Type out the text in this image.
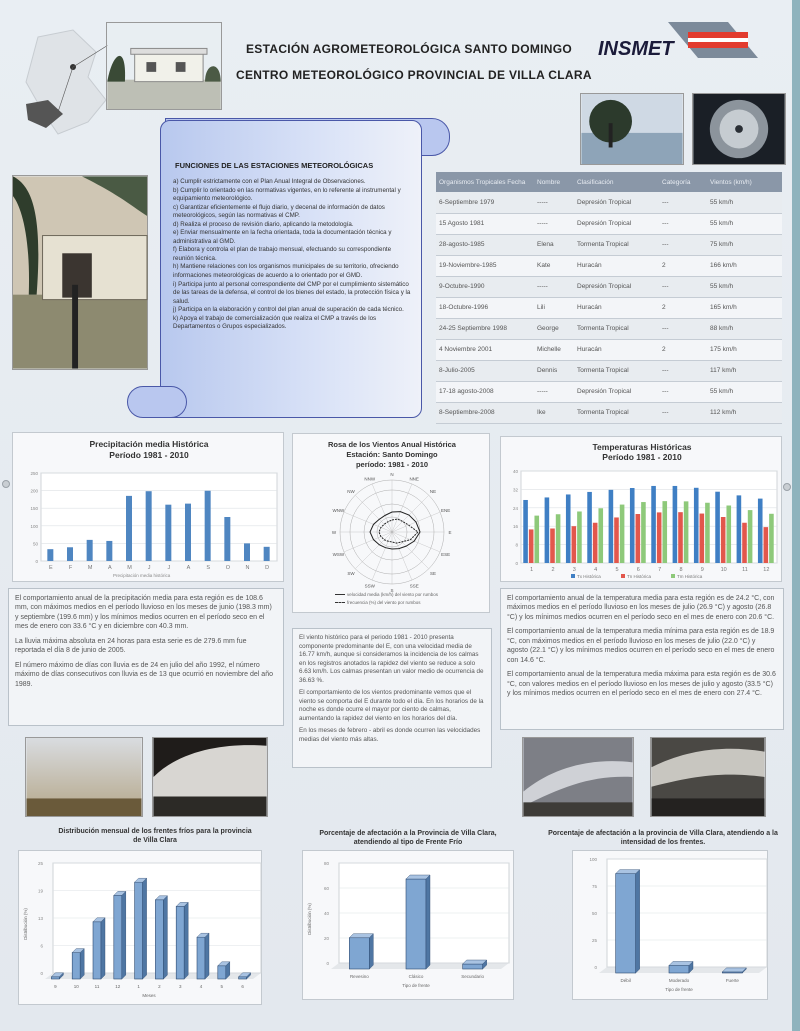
ESTACIÓN AGROMETEOROLÓGICA SANTO DOMINGO
CENTRO METEOROLÓGICO PROVINCIAL DE VILLA CLARA
INSMET
FUNCIONES DE LAS ESTACIONES METEOROLÓGICAS
a) Cumplir estrictamente con el Plan Anual Integral de Observaciones.
b) Cumplir lo orientado en las normativas vigentes, en lo referente al instrumental y equipamiento meteorológico.
c) Garantizar eficientemente el flujo diario, y decenal de información de datos meteorológicos, según las normativas el CMP.
d) Realiza el proceso de revisión diario, aplicando la metodología.
e) Enviar mensualmente en la fecha orientada, toda la documentación técnica y administrativa al GMD.
f) Elabora y controla el plan de trabajo mensual, efectuando su correspondiente reunión técnica.
h) Mantiene relaciones con los organismos municipales de su territorio, ofreciendo informaciones meteorológicas de acuerdo a lo orientado por el GMD.
i) Participa junto al personal correspondiente del CMP por el cumplimiento sistemático de las tareas de la defensa, el control de los bienes del estado, la protección física y la salud.
j) Participa en la elaboración y control del plan anual de superación de cada técnico.
k) Apoya el trabajo de comercialización que realiza el CMP a través de los Departamentos o Grupos especializados.
Organismos Tropicales Fecha	Nombre	Clasificación	Categoría	Vientos (km/h)
6-Septiembre 1979	-----	Depresión Tropical	---	55 km/h
15 Agosto 1981	-----	Depresión Tropical	---	55 km/h
28-agosto-1985	Elena	Tormenta Tropical	---	75 km/h
19-Noviembre-1985	Kate	Huracán	2	166 km/h
9-Octubre-1990	-----	Depresión Tropical	---	55 km/h
18-Octubre-1996	Lili	Huracán	2	165 km/h
24-25 Septiembre 1998	George	Tormenta Tropical	---	88 km/h
4 Noviembre 2001	Michelle	Huracán	2	175 km/h
8-Julio-2005	Dennis	Tormenta Tropical	---	117 km/h
17-18 agosto-2008	-----	Depresión Tropical	---	55 km/h
8-Septiembre-2008	Ike	Tormenta Tropical	---	112 km/h
Precipitación media Histórica
Período 1981 - 2010
E	F	M	A	M	J	J	A	S	O	N	D
0
50
100
150
200
250
Precipitación media histórica

El comportamiento anual de la precipitación media para esta región es de 108.6 mm, con máximos medios en el período lluvioso en los meses de junio (198.3 mm) y septiembre (199.6 mm) y los mínimos medios ocurren en el período seco en el mes de enero con 33.6 °C y en diciembre con 40.3 mm.

La lluvia máxima absoluta en 24 horas para esta serie es de 279.6 mm fue reportada el día 8 de junio de 2005.

El número máximo de días con lluvia es de 24 en julio del año 1992, el número máximo de días consecutivos con lluvia es de 13 que ocurrió en noviembre del año 1989.

Rosa de los Vientos Anual Histórica
Estación: Santo Domingo
período: 1981 - 2010
N
NNE
NE
ENE
E
ESE
SE
SSE
S
SSW
SW
WSW
W
WNW
NW
NNW
velocidad media (km/h) del viento por rumbos
frecuencia (%) del viento por rumbos

El viento histórico para el periodo 1981 - 2010 presenta componente predominante del E, con una velocidad media de 16.77 km/h, aunque si consideramos la incidencia de los calmas en los registros anotados la rapidez del viento se reduce a solo 6.63 km/h. Los calmas presentan un valor medio de ocurrencia de 36.63 %.

El comportamiento de los vientos predominante vemos que el viento se comporta del E durante todo el día. En los horarios de la noche es donde ocurre el mayor por ciento de calmas, aumentando la rapidez del viento en los horarios del día.

En los meses de febrero - abril es donde ocurren las velocidades medias del viento más altas.

Temperaturas Históricas
Período 1981 - 2010
1	2	3	4	5	6	7	8	9	10	11	12
0
8
16
24
32
40
Tx Histórica	Tn Histórica	Tm Histórica

El comportamiento anual de la temperatura media para esta región es de 24.2 °C, con máximos medios en el período lluvioso en los meses de julio (26.9 °C) y agosto (26.8 °C) y los mínimos medios ocurren en el período seco en el mes de enero con 20.6 °C.

El comportamiento anual de la temperatura media mínima para esta región es de 18.9 °C, con máximos medios en el período lluvioso en los meses de julio (22.0 °C) y agosto (22.1 °C) y los mínimos medios ocurren en el período seco en el mes de enero con 14.6 °C.

El comportamiento anual de la temperatura media máxima para esta región es de 30.6 °C, con valores medios en el período lluvioso en los meses de julio y agosto (33.5 °C) y los mínimos medios ocurren en el período seco en el mes de enero con 27.4 °C.

Distribución mensual de los frentes fríos para la provincia de Villa Clara
Porcentaje de afectación a la Provincia de Villa Clara, atendiendo al tipo de Frente Frío
Porcentaje de afectación a la provincia de Villa Clara, atendiendo a la intensidad de los frentes.
0
6
13
19
25
9	10	11	12	1	2	3	4	5	6
Distribución (%)
Meses
0
20
40
60
80
Revesino	Clásico	Secundario
Distribución (%)
Tipo de frente
0
25
50
75
100
Débil	Moderado	Fuerte
Tipo de frente
